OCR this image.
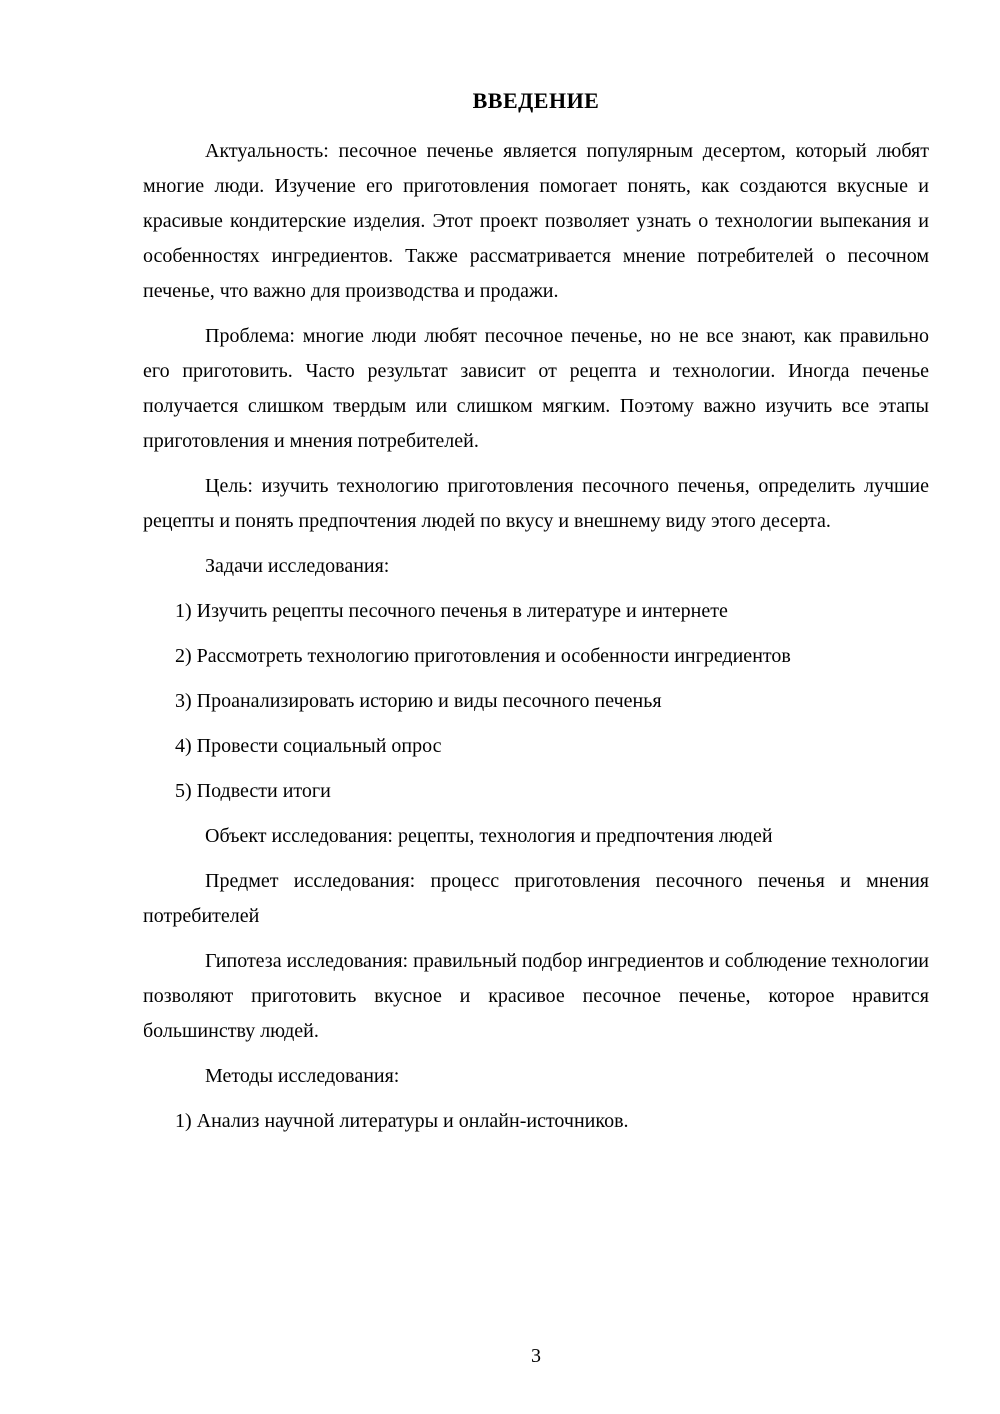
ВВЕДЕНИЕ

Актуальность: песочное печенье является популярным десертом, который любят многие люди. Изучение его приготовления помогает понять, как создаются вкусные и красивые кондитерские изделия. Этот проект позволяет узнать о технологии выпекания и особенностях ингредиентов. Также рассматривается мнение потребителей о песочном печенье, что важно для производства и продажи.

Проблема: многие люди любят песочное печенье, но не все знают, как правильно его приготовить. Часто результат зависит от рецепта и технологии. Иногда печенье получается слишком твердым или слишком мягким. Поэтому важно изучить все этапы приготовления и мнения потребителей.

Цель: изучить технологию приготовления песочного печенья, определить лучшие рецепты и понять предпочтения людей по вкусу и внешнему виду этого десерта.

Задачи исследования:

1) Изучить рецепты песочного печенья в литературе и интернете

2) Рассмотреть технологию приготовления и особенности ингредиентов

3) Проанализировать историю и виды песочного печенья

4) Провести социальный опрос

5) Подвести итоги

Объект исследования: рецепты, технология и предпочтения людей

Предмет исследования: процесс приготовления песочного печенья и мнения потребителей

Гипотеза исследования: правильный подбор ингредиентов и соблюдение технологии позволяют приготовить вкусное и красивое песочное печенье, которое нравится большинству людей.

Методы исследования:

1) Анализ научной литературы и онлайн-источников.

3
